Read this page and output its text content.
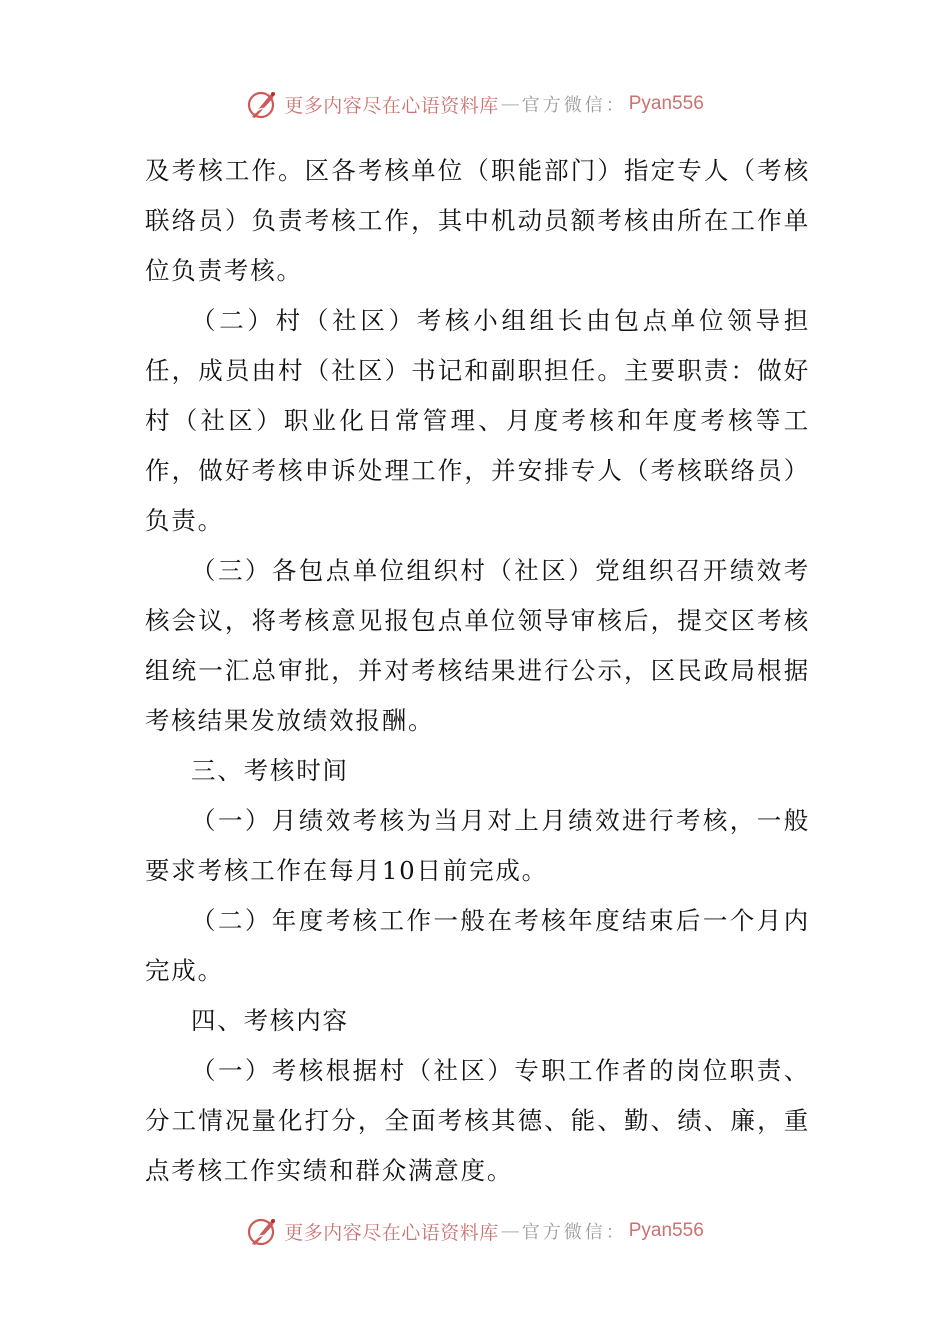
更多内容尽在心语资料库 — 官方微信： Pyan556

及考核工作。区各考核单位（职能部门）指定专人（考核联络员）负责考核工作，其中机动员额考核由所在工作单位负责考核。

（二）村（社区）考核小组组长由包点单位领导担任，成员由村（社区）书记和副职担任。主要职责：做好村（社区）职业化日常管理、月度考核和年度考核等工作，做好考核申诉处理工作，并安排专人（考核联络员）负责。

（三）各包点单位组织村（社区）党组织召开绩效考核会议，将考核意见报包点单位领导审核后，提交区考核组统一汇总审批，并对考核结果进行公示，区民政局根据考核结果发放绩效报酬。

三、考核时间

（一）月绩效考核为当月对上月绩效进行考核，一般要求考核工作在每月10日前完成。

（二）年度考核工作一般在考核年度结束后一个月内完成。

四、考核内容

（一）考核根据村（社区）专职工作者的岗位职责、分工情况量化打分，全面考核其德、能、勤、绩、廉，重点考核工作实绩和群众满意度。

更多内容尽在心语资料库 — 官方微信： Pyan556
